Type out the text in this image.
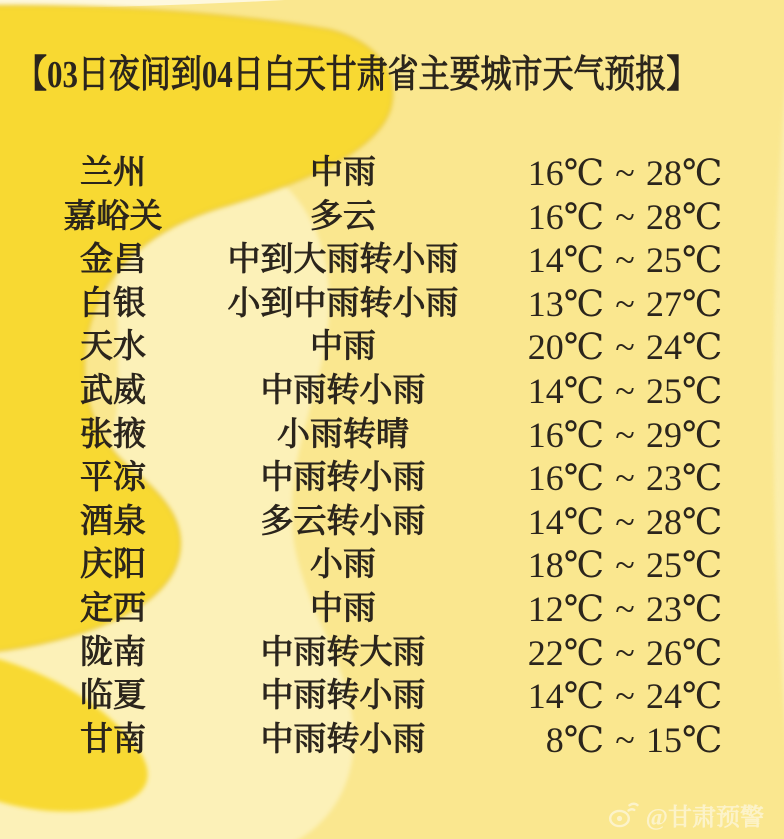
【03日夜间到04日白天甘肃省主要城市天气预报】
兰州	中雨	16℃ ~ 28℃
嘉峪关	多云	16℃ ~ 28℃
金昌	中到大雨转小雨	14℃ ~ 25℃
白银	小到中雨转小雨	13℃ ~ 27℃
天水	中雨	20℃ ~ 24℃
武威	中雨转小雨	14℃ ~ 25℃
张掖	小雨转晴	16℃ ~ 29℃
平凉	中雨转小雨	16℃ ~ 23℃
酒泉	多云转小雨	14℃ ~ 28℃
庆阳	小雨	18℃ ~ 25℃
定西	中雨	12℃ ~ 23℃
陇南	中雨转大雨	22℃ ~ 26℃
临夏	中雨转小雨	14℃ ~ 24℃
甘南	中雨转小雨	8℃ ~ 15℃
@甘肃预警
